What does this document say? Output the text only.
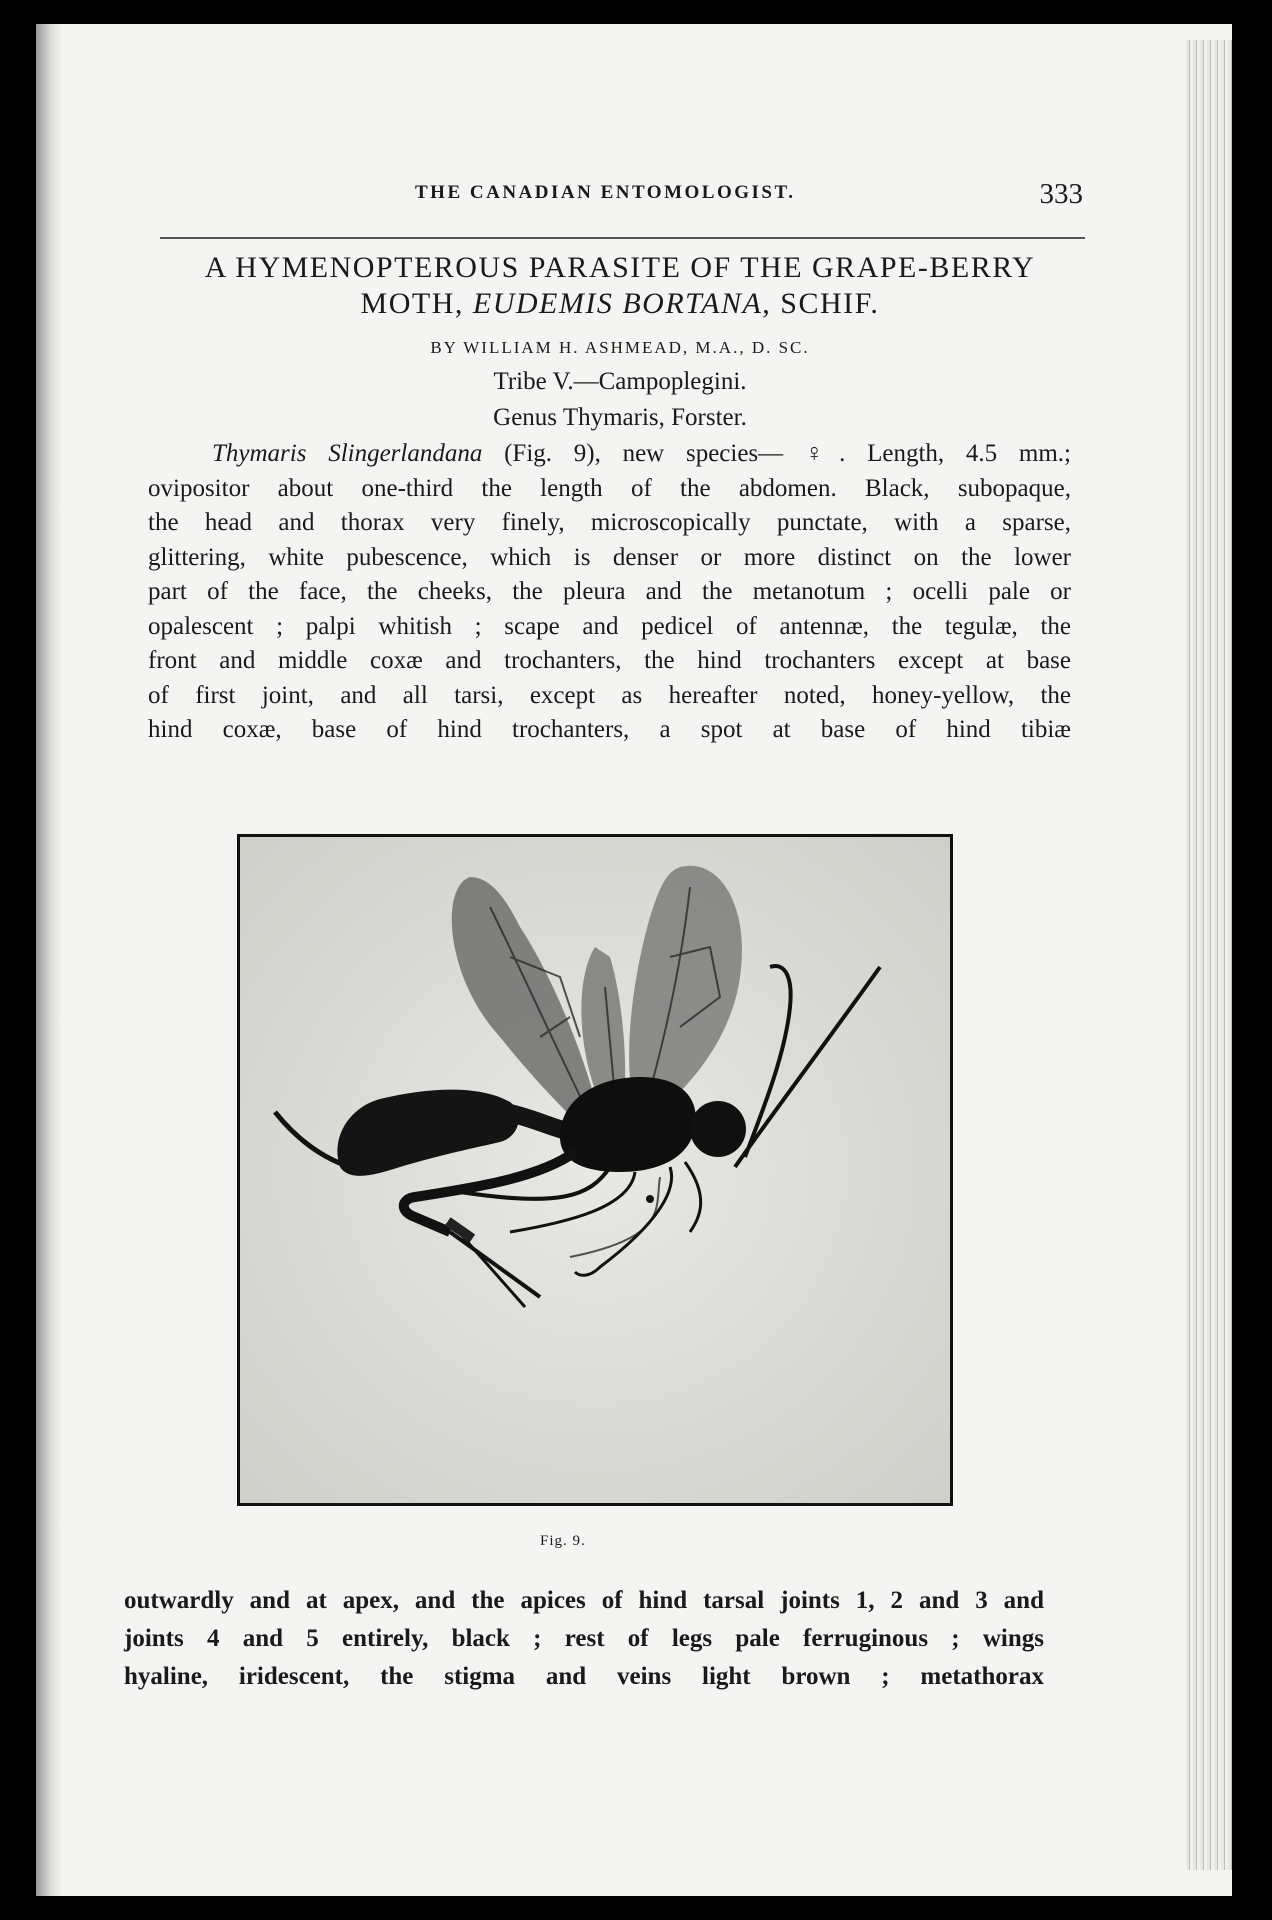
THE CANADIAN ENTOMOLOGIST.	333
A HYMENOPTEROUS PARASITE OF THE GRAPE-BERRY
MOTH, EUDEMIS BORTANA, SCHIF.
BY WILLIAM H. ASHMEAD, M.A., D. SC.
Tribe V.—Campoplegini.
Genus Thymaris, Forster.
Thymaris Slingerlandana (Fig. 9), new species— ♀. Length, 4.5 mm.;
ovipositor about one-third the length of the abdomen. Black, subopaque,
the head and thorax very finely, microscopically punctate, with a sparse,
glittering, white pubescence, which is denser or more distinct on the lower
part of the face, the cheeks, the pleura and the metanotum ; ocelli pale or
opalescent ; palpi whitish ; scape and pedicel of antennæ, the tegulæ, the
front and middle coxæ and trochanters, the hind trochanters except at base
of first joint, and all tarsi, except as hereafter noted, honey-yellow, the
hind coxæ, base of hind trochanters, a spot at base of hind tibiæ
Fig. 9.
outwardly and at apex, and the apices of hind tarsal joints 1, 2 and 3 and
joints 4 and 5 entirely, black ; rest of legs pale ferruginous ; wings
hyaline, iridescent, the stigma and veins light brown ; metathorax
